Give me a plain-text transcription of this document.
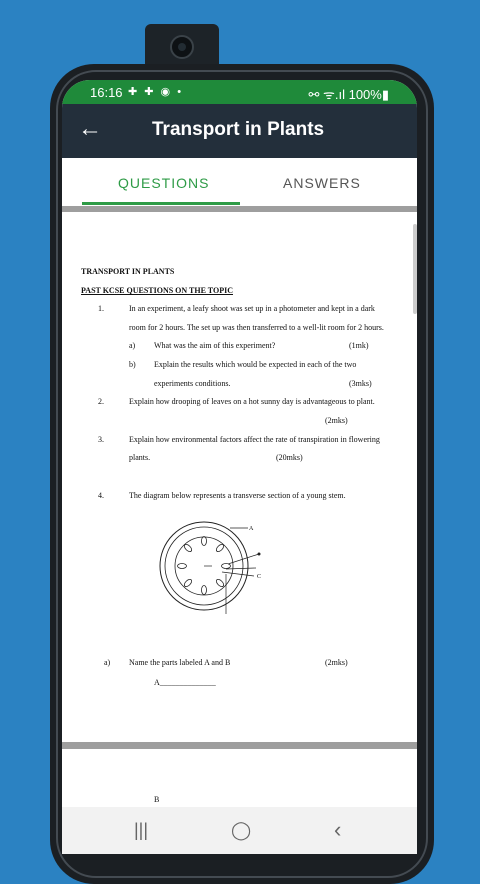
16:16 ✚ ✚ ◉ •	⚯ ᯤ.ıl 100%▮
←	Transport in Plants
QUESTIONS	ANSWERS
TRANSPORT IN PLANTS
PAST KCSE QUESTIONS ON THE TOPIC
1.	In an experiment, a leafy shoot was set up in a photometer and kept in a dark
room for 2 hours. The set up was then transferred to a well-lit room for 2 hours.
a) What was the aim of this experiment?	(1mk)
b) Explain the results which would be expected in each of the two
experiments conditions.	(3mks)
2.	Explain how drooping of leaves on a hot sunny day is advantageous to plant.
(2mks)
3.	Explain how environmental factors affect the rate of transpiration in flowering
plants.	(20mks)
4.	The diagram below represents a transverse section of a young stem.
A
C
a) Name the parts labeled A and B	(2mks)
A______________
B
|||	◯	‹
